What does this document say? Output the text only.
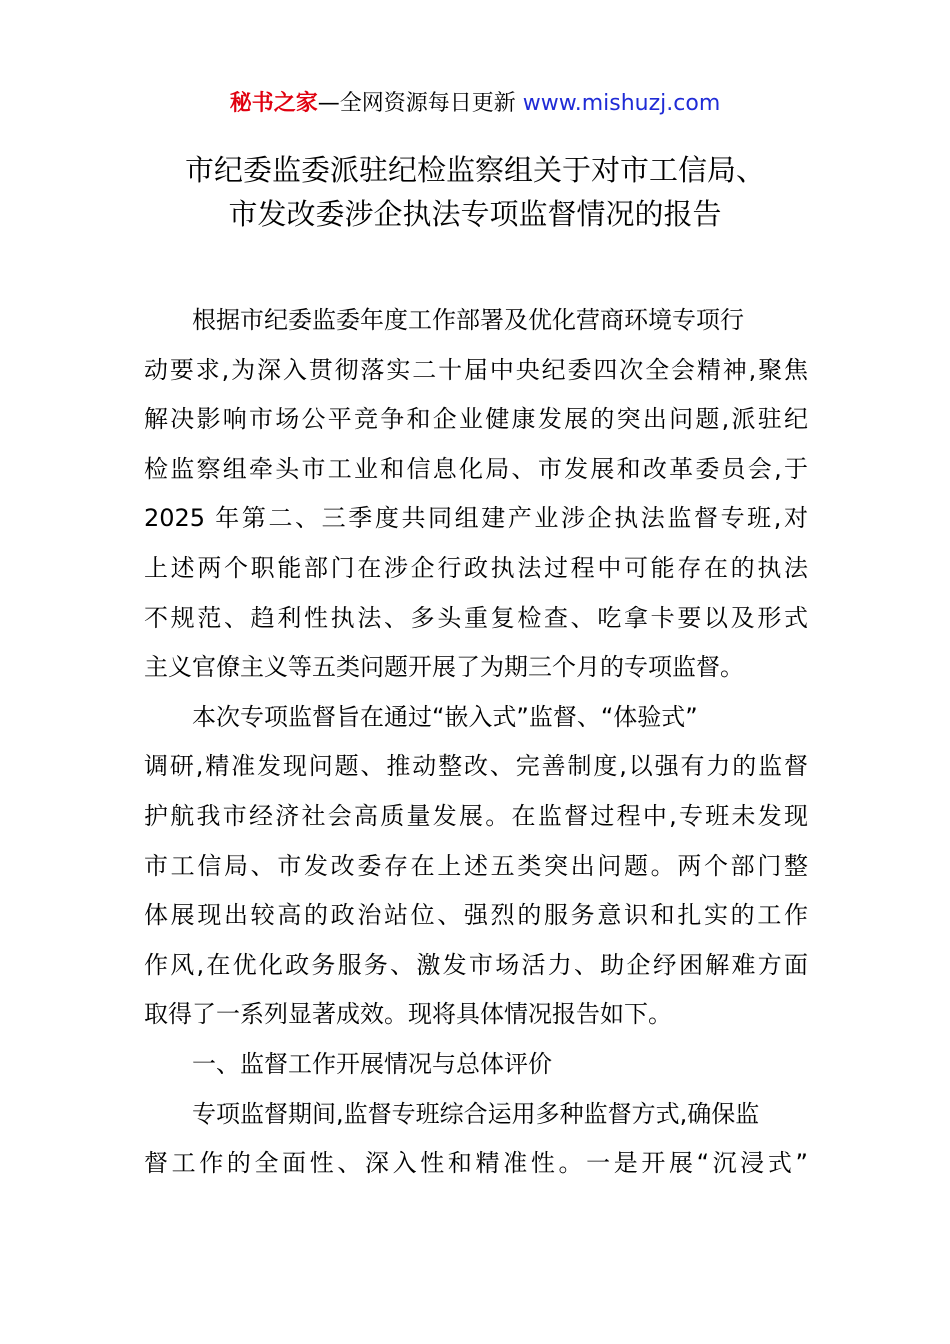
秘书之家—全网资源每日更新 www.mishuzj.com
市纪委监委派驻纪检监察组关于对市工信局、
市发改委涉企执法专项监督情况的报告
根据市纪委监委年度工作部署及优化营商环境专项行
动要求,为深入贯彻落实二十届中央纪委四次全会精神,聚焦
解决影响市场公平竞争和企业健康发展的突出问题,派驻纪
检监察组牵头市工业和信息化局、市发展和改革委员会,于
2025 年第二、三季度共同组建产业涉企执法监督专班,对
上述两个职能部门在涉企行政执法过程中可能存在的执法
不规范、趋利性执法、多头重复检查、吃拿卡要以及形式
主义官僚主义等五类问题开展了为期三个月的专项监督。
本次专项监督旨在通过“嵌入式”监督、“体验式”
调研,精准发现问题、推动整改、完善制度,以强有力的监督
护航我市经济社会高质量发展。在监督过程中,专班未发现
市工信局、市发改委存在上述五类突出问题。两个部门整
体展现出较高的政治站位、强烈的服务意识和扎实的工作
作风,在优化政务服务、激发市场活力、助企纾困解难方面
取得了一系列显著成效。现将具体情况报告如下。
一、监督工作开展情况与总体评价
专项监督期间,监督专班综合运用多种监督方式,确保监
督工作的全面性、深入性和精准性。一是开展“沉浸式”
